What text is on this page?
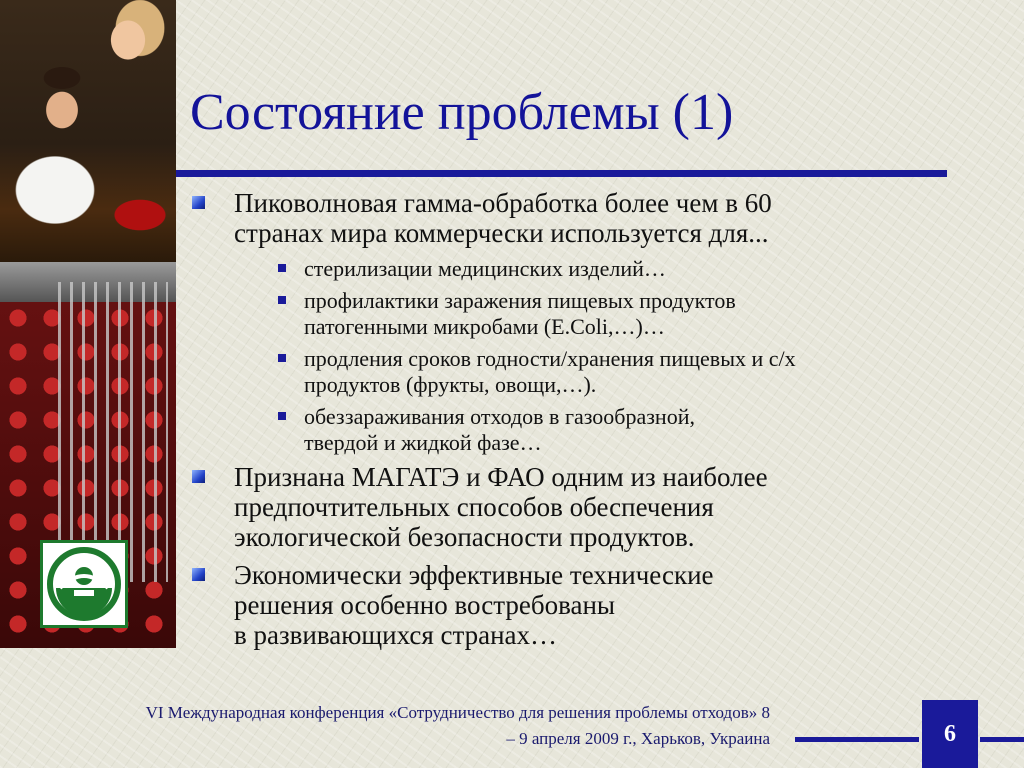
Состояние проблемы (1)
Пиковолновая гамма-обработка более чем в 60
странах мира коммерчески используется для...
стерилизации медицинских изделий…
профилактики заражения пищевых продуктов
патогенными микробами (E.Coli,…)…
продления сроков годности/хранения пищевых и с/х
продуктов (фрукты, овощи,…).
обеззараживания отходов в газообразной,
твердой и жидкой фазе…
Признана МАГАТЭ и ФАО одним из наиболее
предпочтительных способов обеспечения
экологической безопасности продуктов.
Экономически эффективные технические
решения особенно востребованы
в развивающихся странах…
VI Международная конференция «Сотрудничество для решения проблемы отходов» 8
– 9 апреля 2009 г., Харьков, Украина	6
